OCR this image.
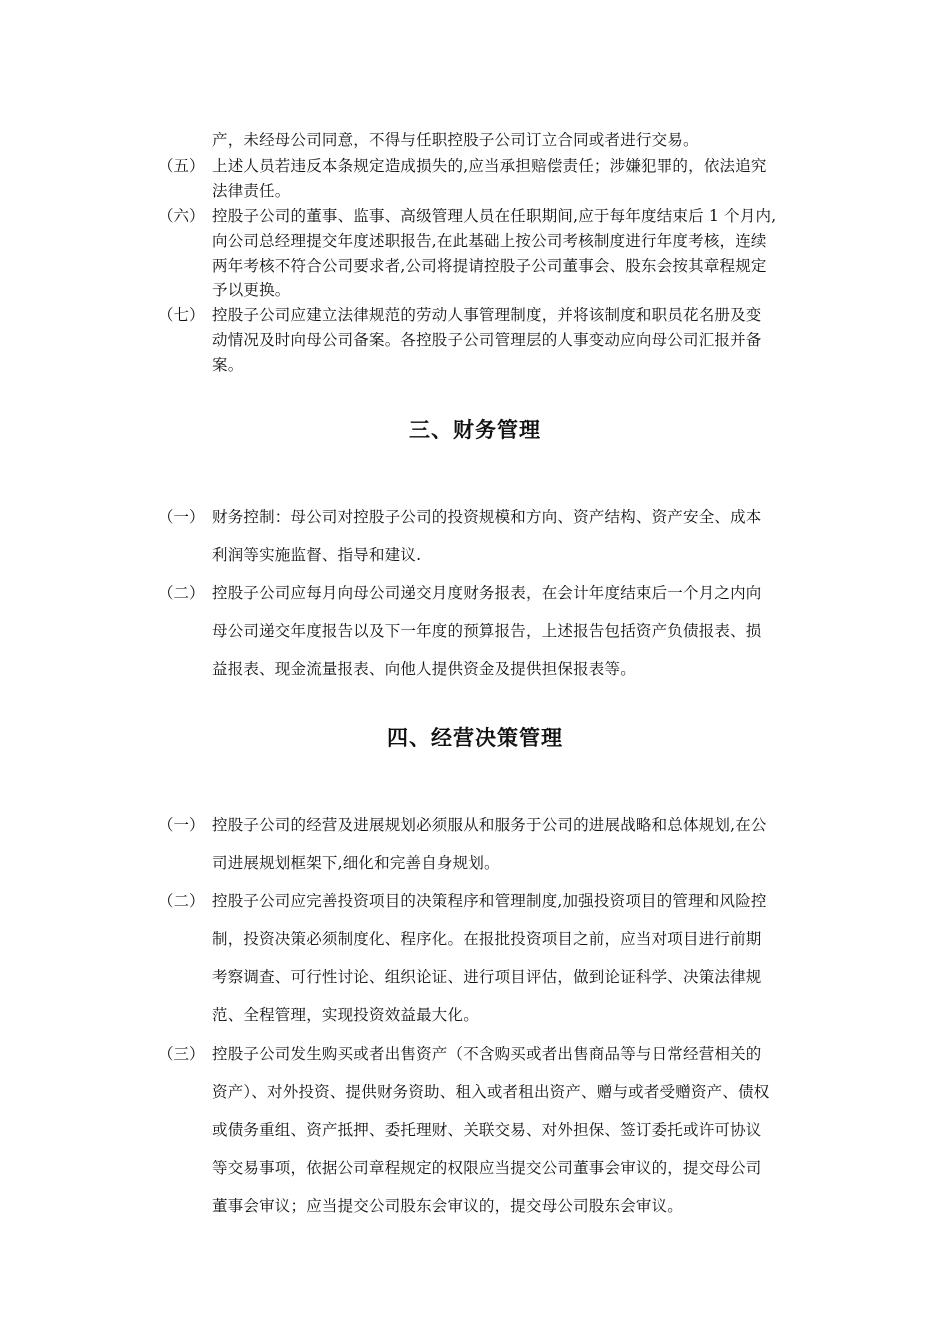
产，未经母公司同意，不得与任职控股子公司订立合同或者进行交易。
（五） 上述人员若违反本条规定造成损失的,应当承担赔偿责任；涉嫌犯罪的，依法追究
法律责任。
（六） 控股子公司的董事、监事、高级管理人员在任职期间,应于每年度结束后 1 个月内,
向公司总经理提交年度述职报告,在此基础上按公司考核制度进行年度考核，连续
两年考核不符合公司要求者,公司将提请控股子公司董事会、股东会按其章程规定
予以更换。
（七） 控股子公司应建立法律规范的劳动人事管理制度，并将该制度和职员花名册及变
动情况及时向母公司备案。各控股子公司管理层的人事变动应向母公司汇报并备
案。
三、财务管理
（一） 财务控制：母公司对控股子公司的投资规模和方向、资产结构、资产安全、成本
利润等实施监督、指导和建议.
（二） 控股子公司应每月向母公司递交月度财务报表，在会计年度结束后一个月之内向
母公司递交年度报告以及下一年度的预算报告，上述报告包括资产负债报表、损
益报表、现金流量报表、向他人提供资金及提供担保报表等。
四、经营决策管理
（一） 控股子公司的经营及进展规划必须服从和服务于公司的进展战略和总体规划,在公
司进展规划框架下,细化和完善自身规划。
（二） 控股子公司应完善投资项目的决策程序和管理制度,加强投资项目的管理和风险控
制，投资决策必须制度化、程序化。在报批投资项目之前，应当对项目进行前期
考察调查、可行性讨论、组织论证、进行项目评估，做到论证科学、决策法律规
范、全程管理，实现投资效益最大化。
（三） 控股子公司发生购买或者出售资产（不含购买或者出售商品等与日常经营相关的
资产）、对外投资、提供财务资助、租入或者租出资产、赠与或者受赠资产、债权
或债务重组、资产抵押、委托理财、关联交易、对外担保、签订委托或许可协议
等交易事项，依据公司章程规定的权限应当提交公司董事会审议的，提交母公司
董事会审议；应当提交公司股东会审议的，提交母公司股东会审议。
